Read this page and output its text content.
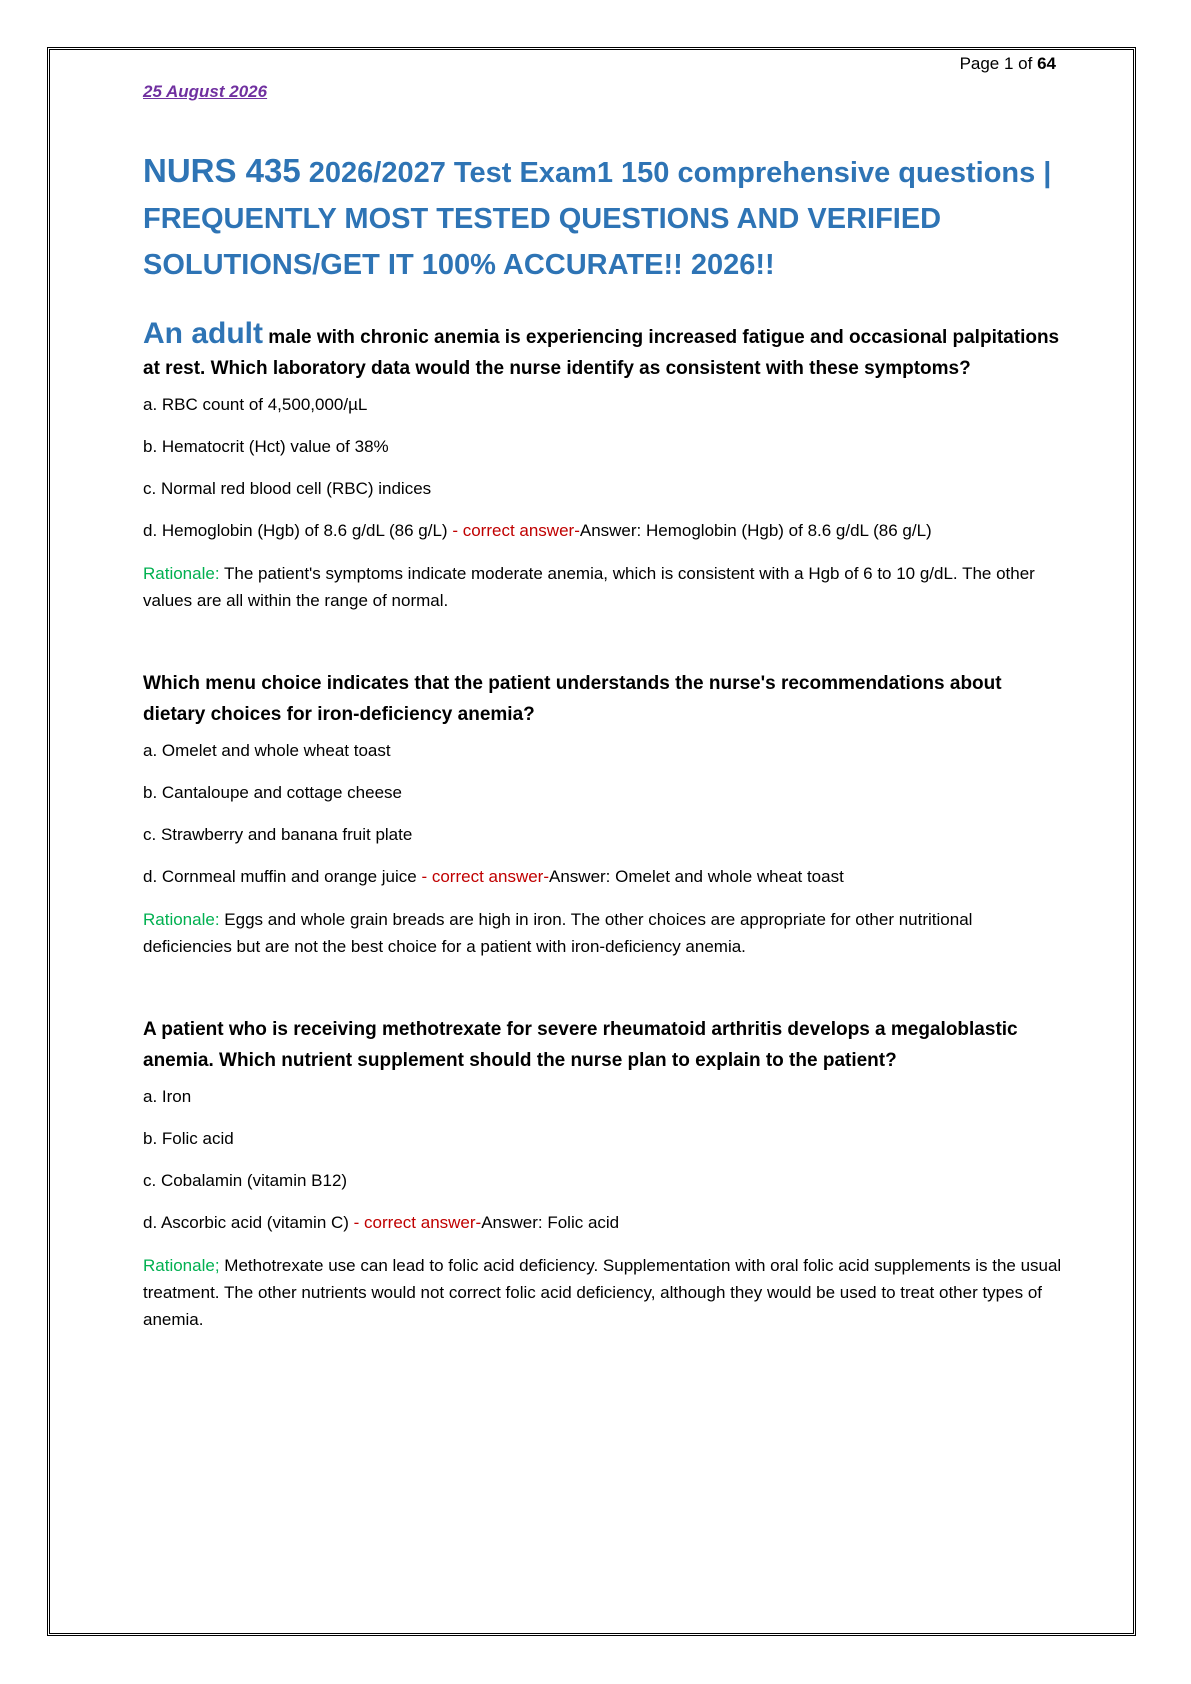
Page 1 of 64
25 August 2026
NURS 435 2026/2027 Test Exam1 150 comprehensive questions | FREQUENTLY MOST TESTED QUESTIONS AND VERIFIED SOLUTIONS/GET IT 100% ACCURATE!! 2026!!

An adult male with chronic anemia is experiencing increased fatigue and occasional palpitations at rest. Which laboratory data would the nurse identify as consistent with these symptoms?

a. RBC count of 4,500,000/µL

b. Hematocrit (Hct) value of 38%

c. Normal red blood cell (RBC) indices

d. Hemoglobin (Hgb) of 8.6 g/dL (86 g/L) - correct answer-Answer: Hemoglobin (Hgb) of 8.6 g/dL (86 g/L)

Rationale: The patient's symptoms indicate moderate anemia, which is consistent with a Hgb of 6 to 10 g/dL. The other values are all within the range of normal.

Which menu choice indicates that the patient understands the nurse's recommendations about dietary choices for iron-deficiency anemia?

a. Omelet and whole wheat toast

b. Cantaloupe and cottage cheese

c. Strawberry and banana fruit plate

d. Cornmeal muffin and orange juice - correct answer-Answer: Omelet and whole wheat toast

Rationale: Eggs and whole grain breads are high in iron. The other choices are appropriate for other nutritional deficiencies but are not the best choice for a patient with iron-deficiency anemia.

A patient who is receiving methotrexate for severe rheumatoid arthritis develops a megaloblastic anemia. Which nutrient supplement should the nurse plan to explain to the patient?

a. Iron

b. Folic acid

c. Cobalamin (vitamin B12)

d. Ascorbic acid (vitamin C) - correct answer-Answer: Folic acid

Rationale; Methotrexate use can lead to folic acid deficiency. Supplementation with oral folic acid supplements is the usual treatment. The other nutrients would not correct folic acid deficiency, although they would be used to treat other types of anemia.
